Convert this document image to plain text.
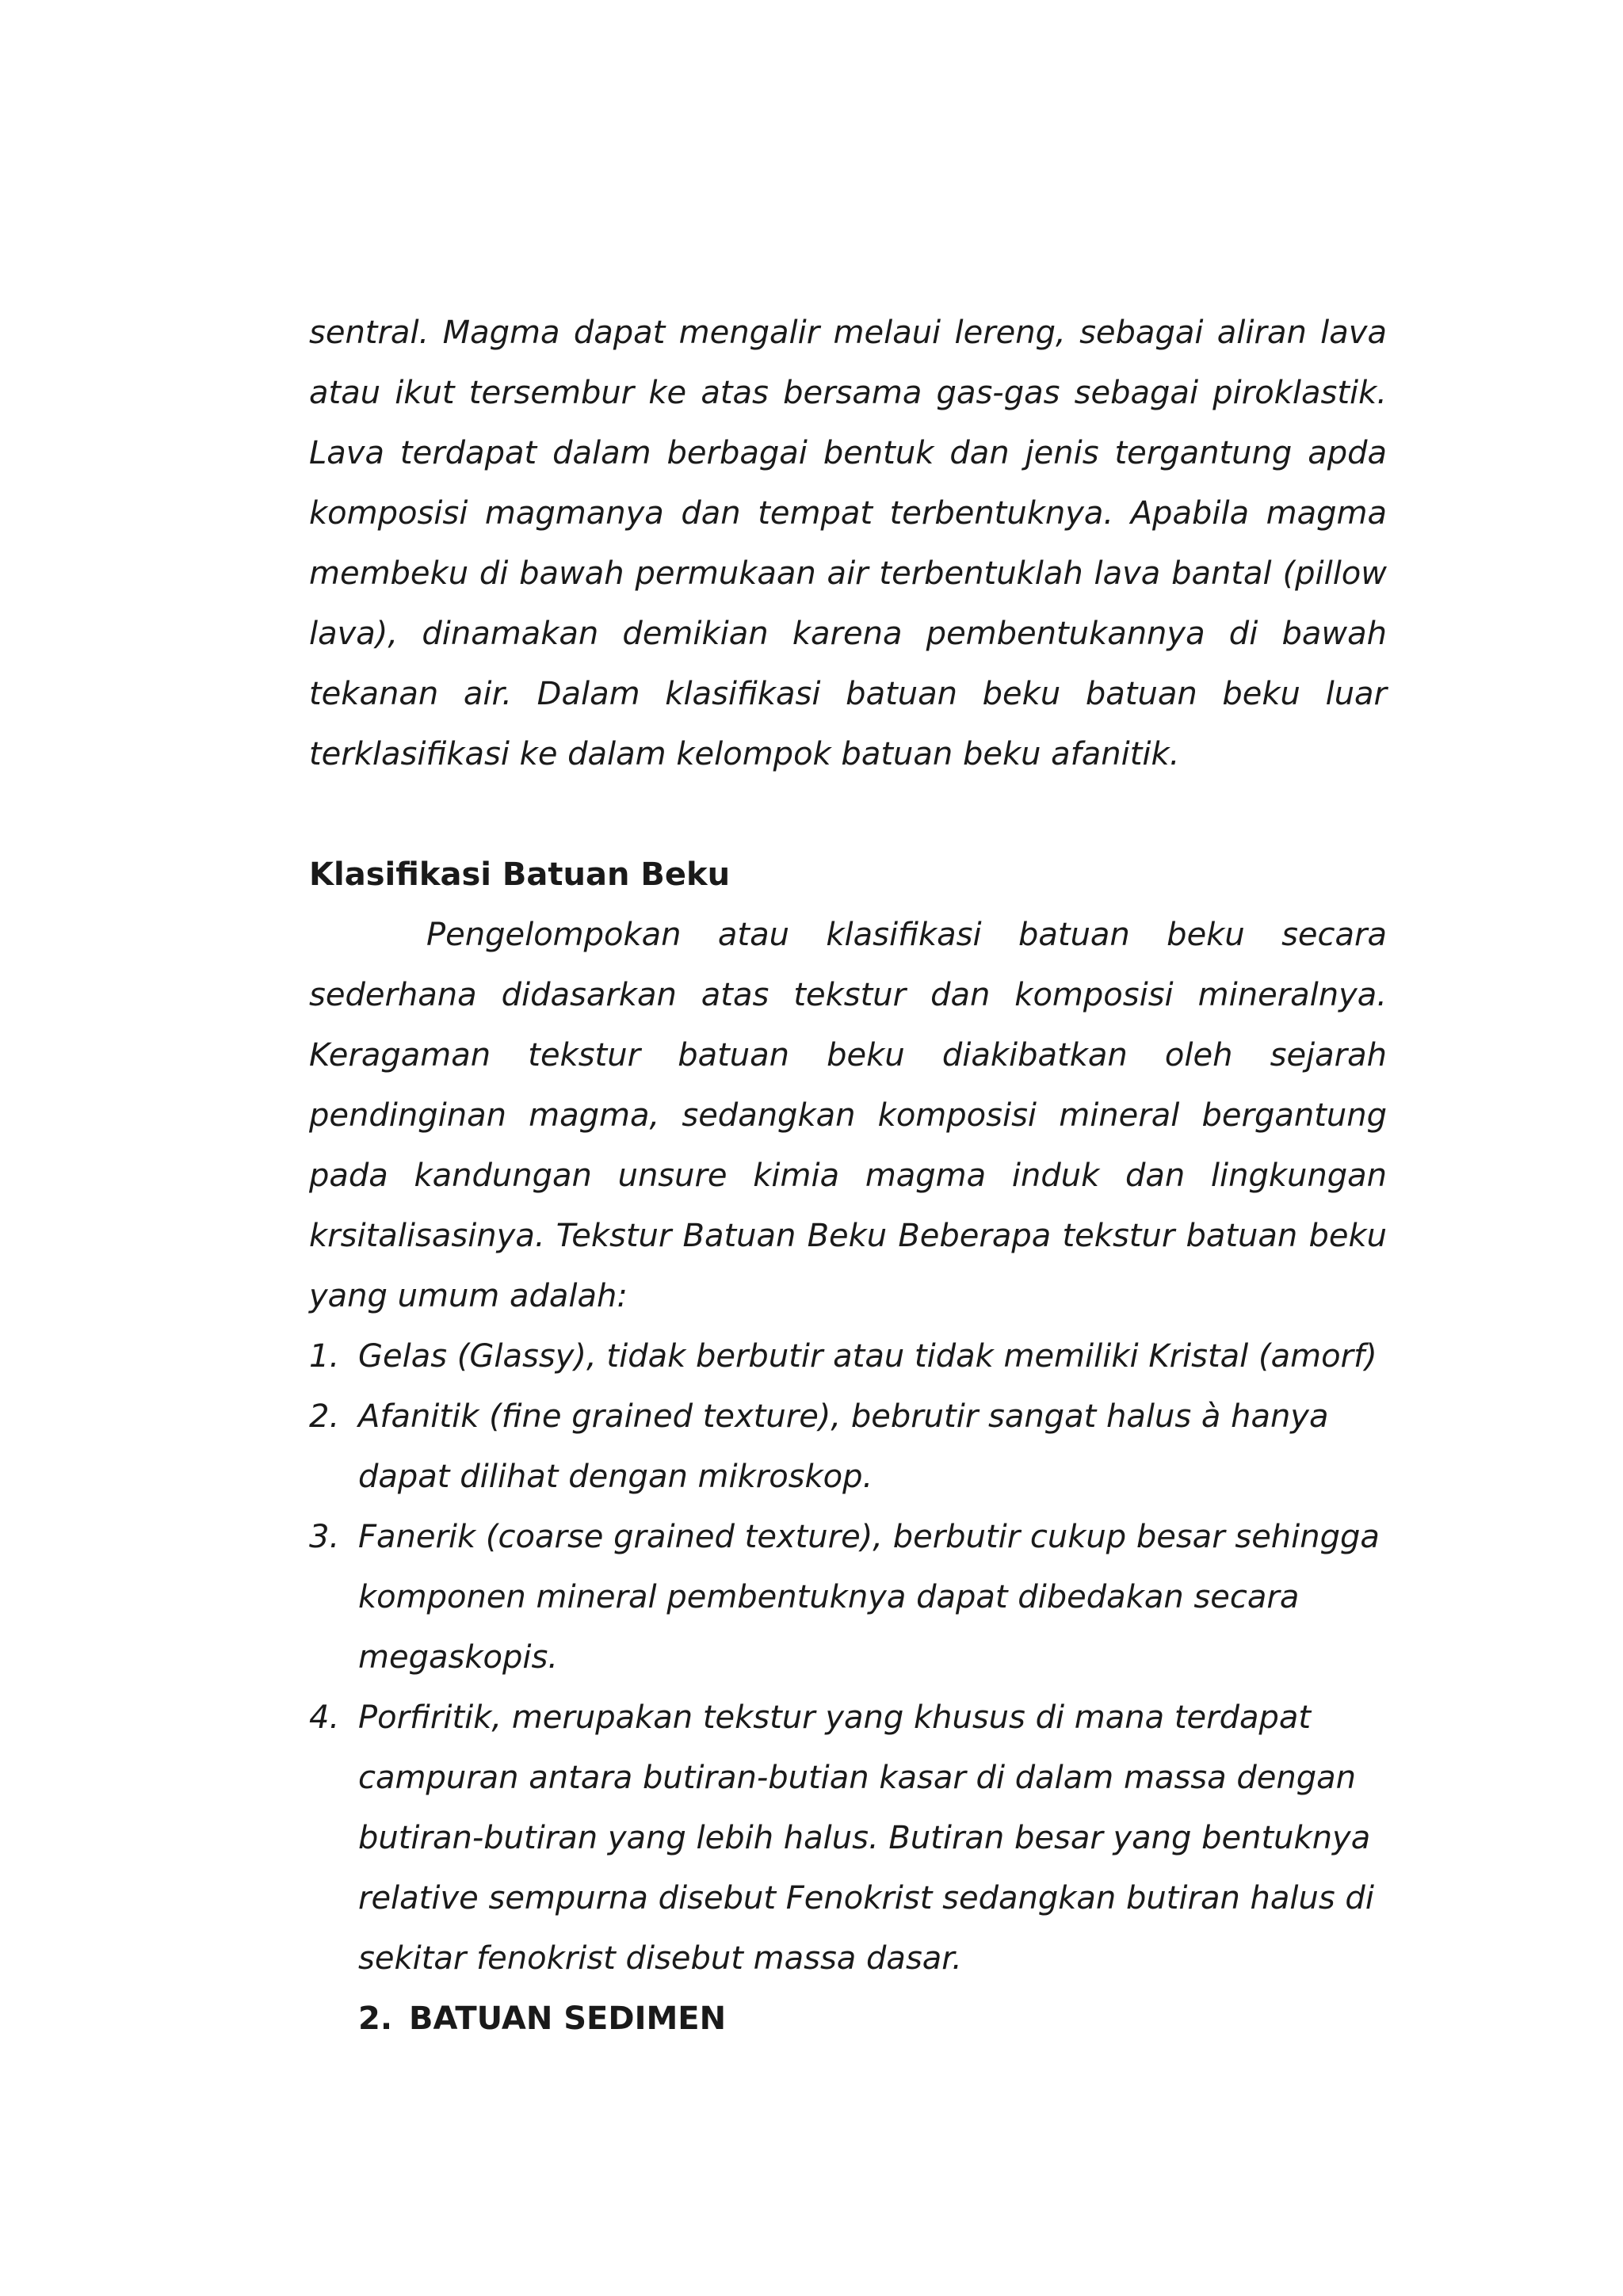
sentral. Magma dapat mengalir melaui lereng, sebagai aliran lava
atau ikut tersembur ke atas bersama gas-gas sebagai piroklastik.
Lava terdapat dalam berbagai bentuk dan jenis tergantung apda
komposisi magmanya dan tempat terbentuknya. Apabila magma
membeku di bawah permukaan air terbentuklah lava bantal (pillow
lava), dinamakan demikian karena pembentukannya di bawah
tekanan air. Dalam klasifikasi batuan beku batuan beku luar
terklasifikasi ke dalam kelompok batuan beku afanitik.
Klasifikasi Batuan Beku
Pengelompokan atau klasifikasi batuan beku secara
sederhana didasarkan atas tekstur dan komposisi mineralnya.
Keragaman tekstur batuan beku diakibatkan oleh sejarah
pendinginan magma, sedangkan komposisi mineral bergantung
pada kandungan unsure kimia magma induk dan lingkungan
krsitalisasinya. Tekstur Batuan Beku Beberapa tekstur batuan beku
yang umum adalah:
1. Gelas (Glassy), tidak berbutir atau tidak memiliki Kristal (amorf)
2. Afanitik (fine grained texture), bebrutir sangat halus à hanya
dapat dilihat dengan mikroskop.
3. Fanerik (coarse grained texture), berbutir cukup besar sehingga
komponen mineral pembentuknya dapat dibedakan secara
megaskopis.
4. Porfiritik, merupakan tekstur yang khusus di mana terdapat
campuran antara butiran-butian kasar di dalam massa dengan
butiran-butiran yang lebih halus. Butiran besar yang bentuknya
relative sempurna disebut Fenokrist sedangkan butiran halus di
sekitar fenokrist disebut massa dasar.
2. BATUAN SEDIMEN
